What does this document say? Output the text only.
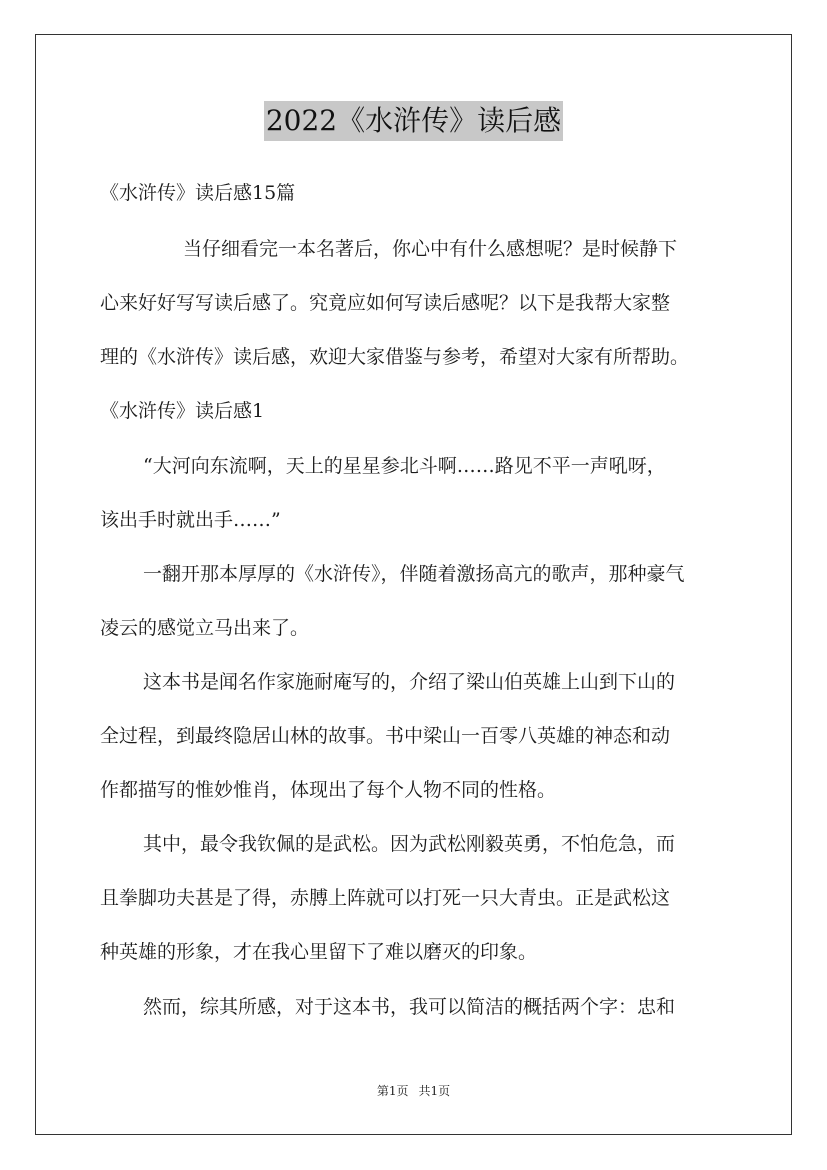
2022《水浒传》读后感
《水浒传》读后感15篇
当仔细看完一本名著后，你心中有什么感想呢？是时候静下
心来好好写写读后感了。究竟应如何写读后感呢？以下是我帮大家整
理的《水浒传》读后感，欢迎大家借鉴与参考，希望对大家有所帮助。
《水浒传》读后感1
“大河向东流啊，天上的星星参北斗啊……路见不平一声吼呀，
该出手时就出手……”
一翻开那本厚厚的《水浒传》，伴随着激扬高亢的歌声，那种豪气
凌云的感觉立马出来了。
这本书是闻名作家施耐庵写的，介绍了梁山伯英雄上山到下山的
全过程，到最终隐居山林的故事。书中梁山一百零八英雄的神态和动
作都描写的惟妙惟肖，体现出了每个人物不同的性格。
其中，最令我钦佩的是武松。因为武松刚毅英勇，不怕危急，而
且拳脚功夫甚是了得，赤膊上阵就可以打死一只大青虫。正是武松这
种英雄的形象，才在我心里留下了难以磨灭的印象。
然而，综其所感，对于这本书，我可以简洁的概括两个字：忠和
第1页 共1页
